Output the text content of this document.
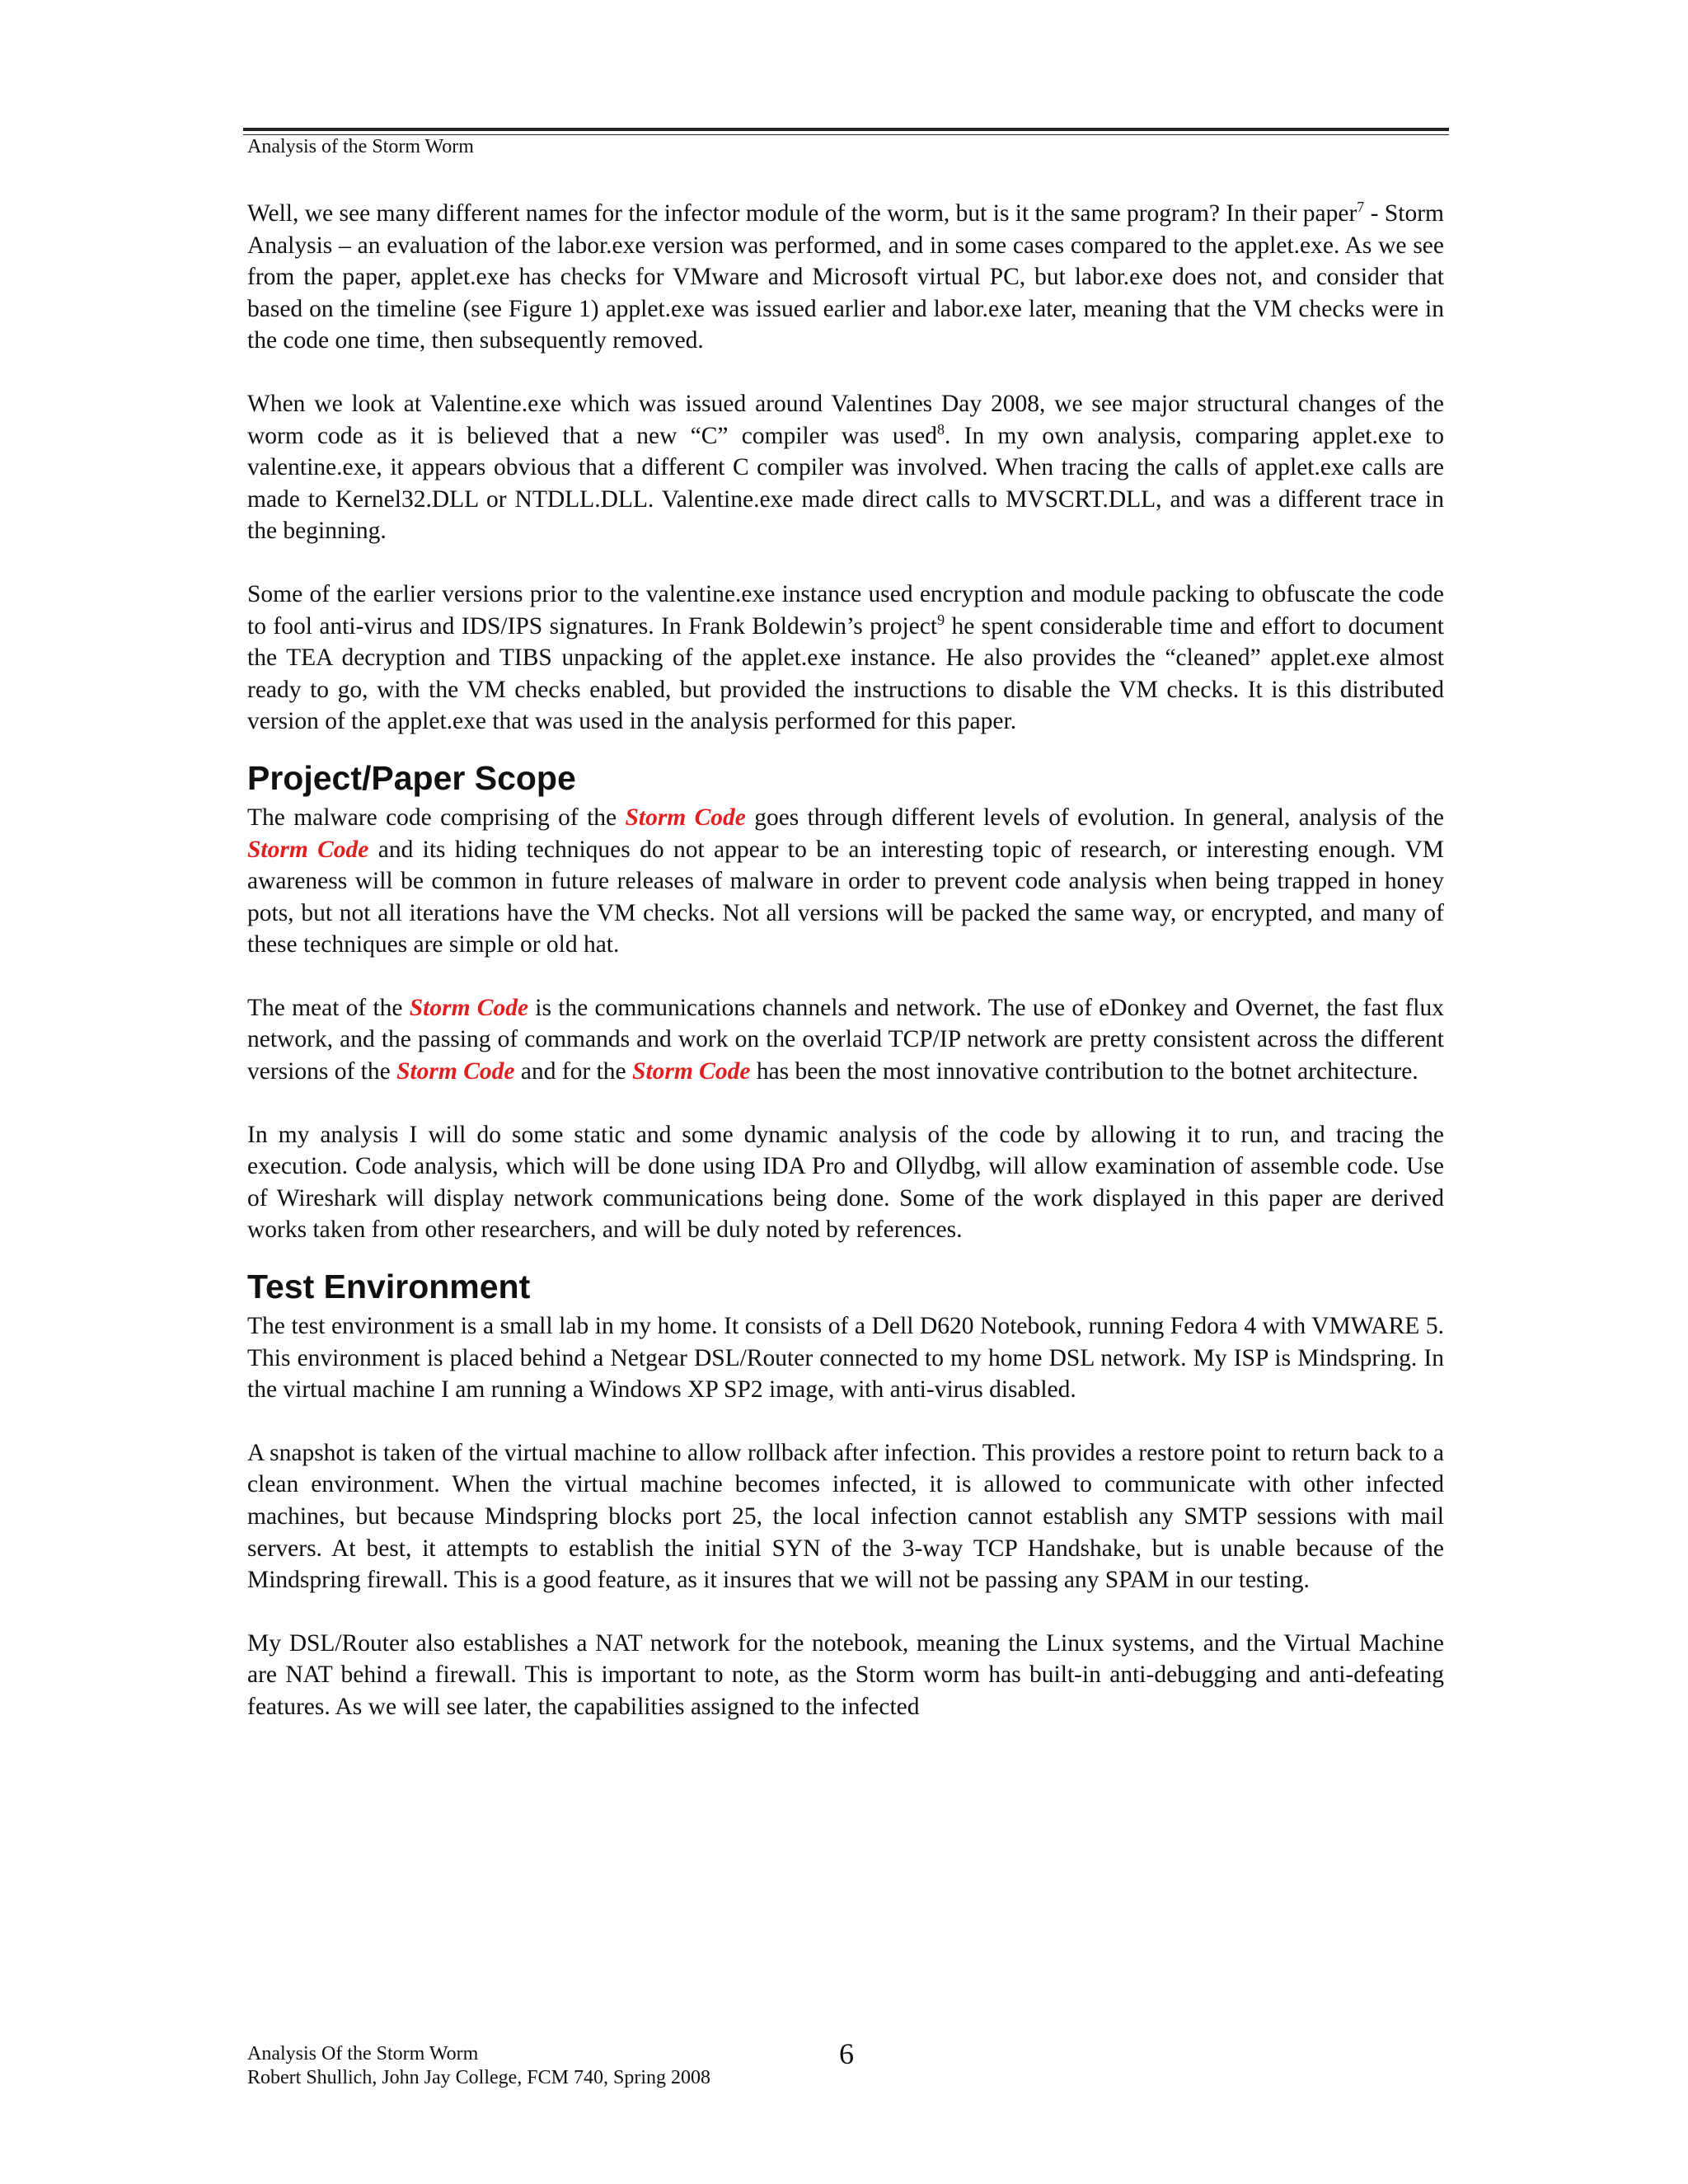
Analysis of the Storm Worm

Well, we see many different names for the infector module of the worm, but is it the same program? In their paper$^7$ - Storm Analysis – an evaluation of the labor.exe version was performed, and in some cases compared to the applet.exe. As we see from the paper, applet.exe has checks for VMware and Microsoft virtual PC, but labor.exe does not, and consider that based on the timeline (see Figure 1) applet.exe was issued earlier and labor.exe later, meaning that the VM checks were in the code one time, then subsequently removed.

When we look at Valentine.exe which was issued around Valentines Day 2008, we see major structural changes of the worm code as it is believed that a new “C” compiler was used$^8$. In my own analysis, comparing applet.exe to valentine.exe, it appears obvious that a different C compiler was involved. When tracing the calls of applet.exe calls are made to Kernel32.DLL or NTDLL.DLL. Valentine.exe made direct calls to MVSCRT.DLL, and was a different trace in the beginning.

Some of the earlier versions prior to the valentine.exe instance used encryption and module packing to obfuscate the code to fool anti-virus and IDS/IPS signatures. In Frank Boldewin’s project$^9$ he spent considerable time and effort to document the TEA decryption and TIBS unpacking of the applet.exe instance. He also provides the “cleaned” applet.exe almost ready to go, with the VM checks enabled, but provided the instructions to disable the VM checks. It is this distributed version of the applet.exe that was used in the analysis performed for this paper.

Project/Paper Scope

The malware code comprising of the Storm Code goes through different levels of evolution. In general, analysis of the Storm Code and its hiding techniques do not appear to be an interesting topic of research, or interesting enough. VM awareness will be common in future releases of malware in order to prevent code analysis when being trapped in honey pots, but not all iterations have the VM checks. Not all versions will be packed the same way, or encrypted, and many of these techniques are simple or old hat.

The meat of the Storm Code is the communications channels and network. The use of eDonkey and Overnet, the fast flux network, and the passing of commands and work on the overlaid TCP/IP network are pretty consistent across the different versions of the Storm Code and for the Storm Code has been the most innovative contribution to the botnet architecture.

In my analysis I will do some static and some dynamic analysis of the code by allowing it to run, and tracing the execution. Code analysis, which will be done using IDA Pro and Ollydbg, will allow examination of assemble code. Use of Wireshark will display network communications being done. Some of the work displayed in this paper are derived works taken from other researchers, and will be duly noted by references.

Test Environment

The test environment is a small lab in my home. It consists of a Dell D620 Notebook, running Fedora 4 with VMWARE 5. This environment is placed behind a Netgear DSL/Router connected to my home DSL network. My ISP is Mindspring. In the virtual machine I am running a Windows XP SP2 image, with anti-virus disabled.

A snapshot is taken of the virtual machine to allow rollback after infection. This provides a restore point to return back to a clean environment. When the virtual machine becomes infected, it is allowed to communicate with other infected machines, but because Mindspring blocks port 25, the local infection cannot establish any SMTP sessions with mail servers. At best, it attempts to establish the initial SYN of the 3-way TCP Handshake, but is unable because of the Mindspring firewall. This is a good feature, as it insures that we will not be passing any SPAM in our testing.

My DSL/Router also establishes a NAT network for the notebook, meaning the Linux systems, and the Virtual Machine are NAT behind a firewall. This is important to note, as the Storm worm has built-in anti-debugging and anti-defeating features. As we will see later, the capabilities assigned to the infected

Analysis Of the Storm Worm
Robert Shullich, John Jay College, FCM 740, Spring 2008
6
